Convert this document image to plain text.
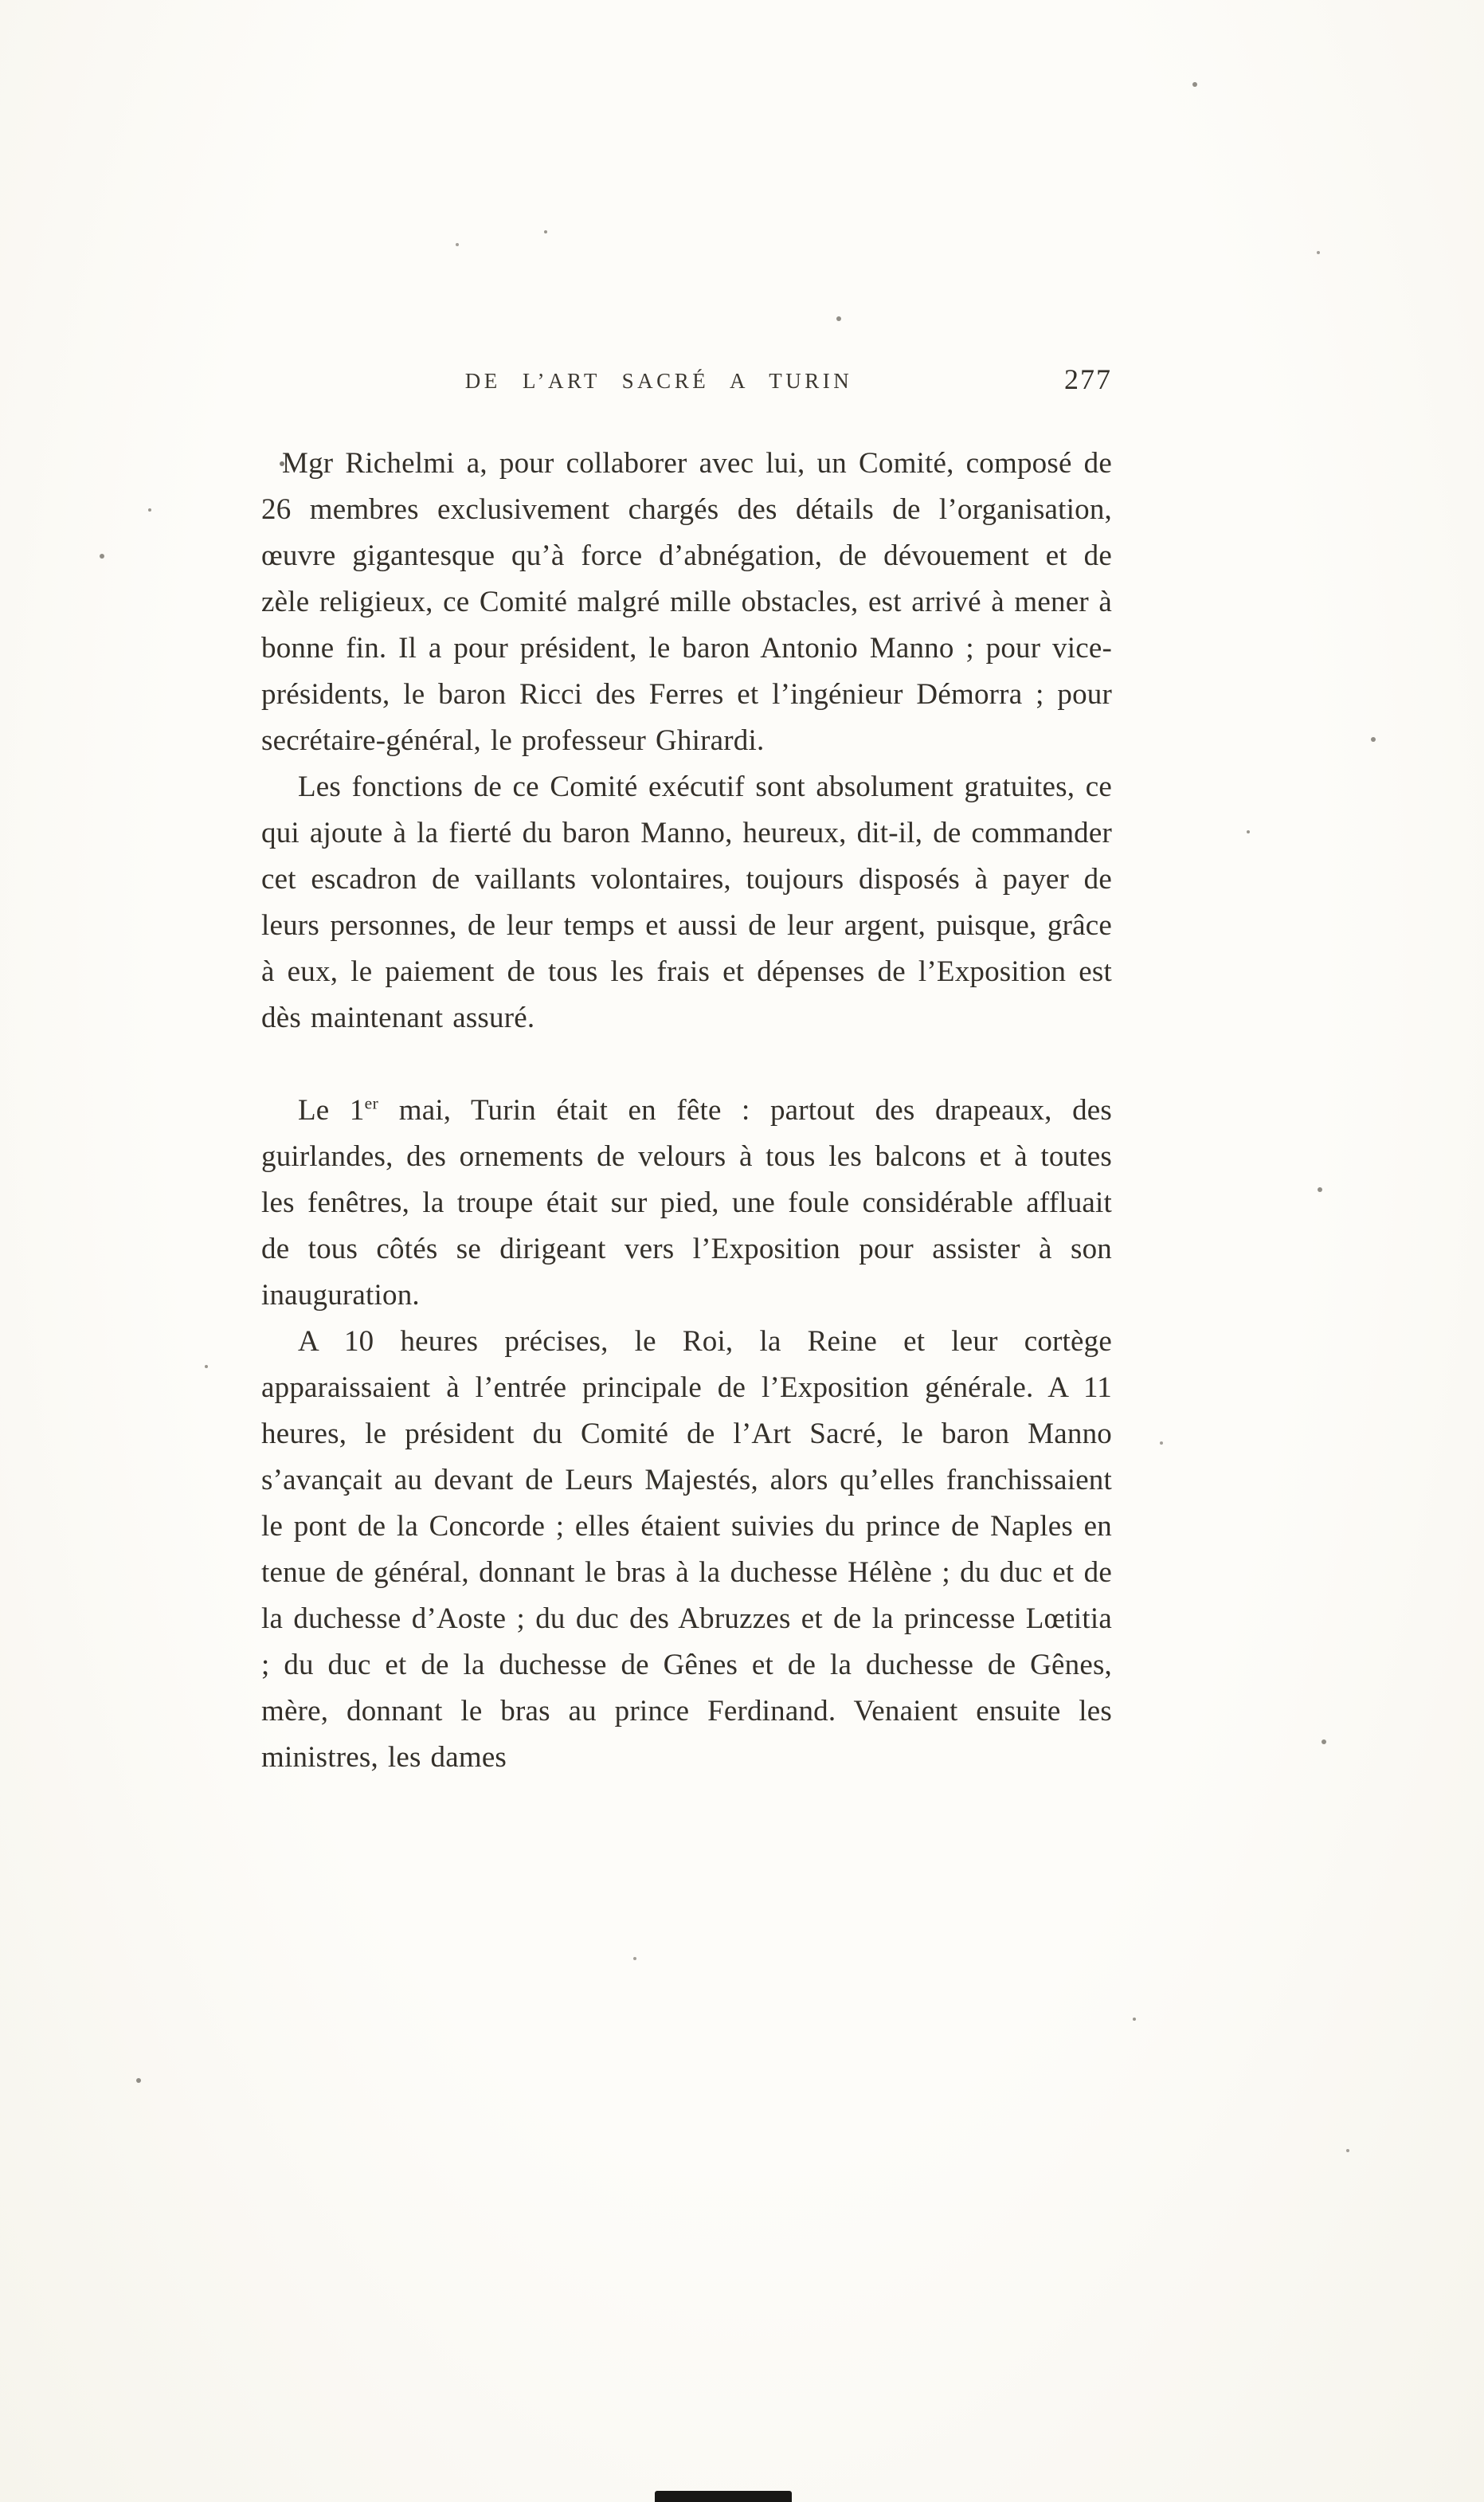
DE L’ART SACRÉ A TURIN	277

Mgr Richelmi a, pour collaborer avec lui, un Comité, composé de 26 membres exclusivement chargés des détails de l’organisation, œuvre gigantesque qu’à force d’abnégation, de dévouement et de zèle religieux, ce Comité malgré mille obstacles, est arrivé à mener à bonne fin. Il a pour président, le baron Antonio Manno ; pour vice-présidents, le baron Ricci des Ferres et l’ingénieur Démorra ; pour secrétaire-général, le professeur Ghirardi.

Les fonctions de ce Comité exécutif sont absolument gratuites, ce qui ajoute à la fierté du baron Manno, heureux, dit-il, de commander cet escadron de vaillants volontaires, toujours disposés à payer de leurs personnes, de leur temps et aussi de leur argent, puisque, grâce à eux, le paiement de tous les frais et dépenses de l’Exposition est dès maintenant assuré.

Le 1er mai, Turin était en fête : partout des drapeaux, des guirlandes, des ornements de velours à tous les balcons et à toutes les fenêtres, la troupe était sur pied, une foule considérable affluait de tous côtés se dirigeant vers l’Exposition pour assister à son inauguration.

A 10 heures précises, le Roi, la Reine et leur cortège apparaissaient à l’entrée principale de l’Exposition générale. A 11 heures, le président du Comité de l’Art Sacré, le baron Manno s’avançait au devant de Leurs Majestés, alors qu’elles franchissaient le pont de la Concorde ; elles étaient suivies du prince de Naples en tenue de général, donnant le bras à la duchesse Hélène ; du duc et de la duchesse d’Aoste ; du duc des Abruzzes et de la princesse Lœtitia ; du duc et de la duchesse de Gênes et de la duchesse de Gênes, mère, donnant le bras au prince Ferdinand. Venaient ensuite les ministres, les dames
